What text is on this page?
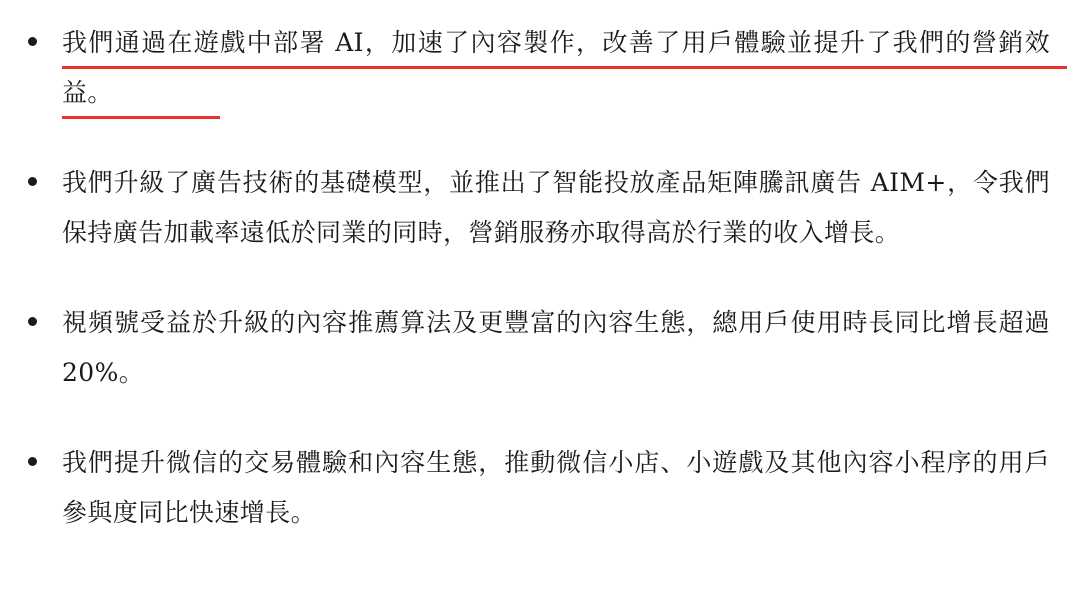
我們通過在遊戲中部署 AI，加速了內容製作，改善了用戶體驗並提升了我們的營銷效益。
我們升級了廣告技術的基礎模型，並推出了智能投放產品矩陣騰訊廣告 AIM+，令我們保持廣告加載率遠低於同業的同時，營銷服務亦取得高於行業的收入增長。
視頻號受益於升級的內容推薦算法及更豐富的內容生態，總用戶使用時長同比增長超過20%。
我們提升微信的交易體驗和內容生態，推動微信小店、小遊戲及其他內容小程序的用戶參與度同比快速增長。
